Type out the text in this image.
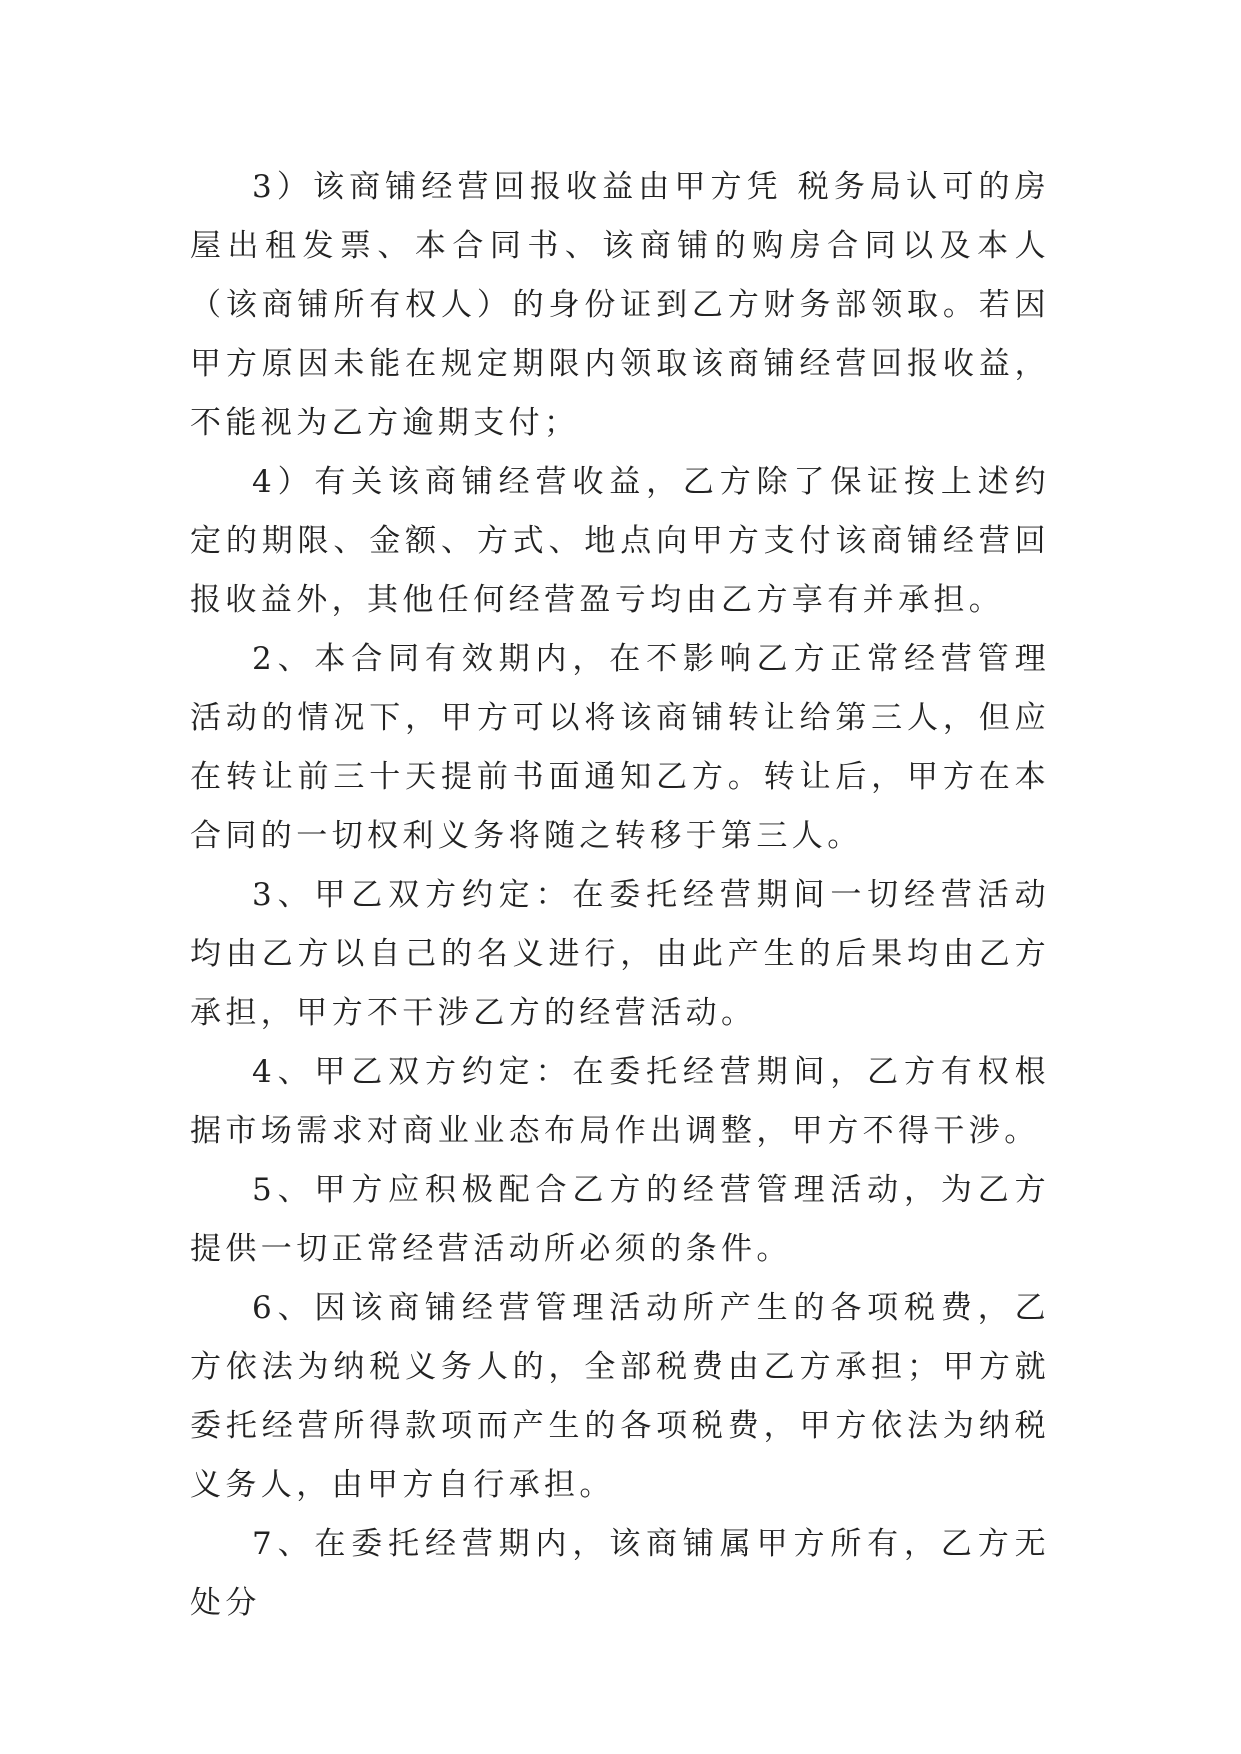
3）该商铺经营回报收益由甲方凭 税务局认可的房屋出租发票、本合同书、该商铺的购房合同以及本人（该商铺所有权人）的身份证到乙方财务部领取。若因甲方原因未能在规定期限内领取该商铺经营回报收益，不能视为乙方逾期支付；

4）有关该商铺经营收益，乙方除了保证按上述约定的期限、金额、方式、地点向甲方支付该商铺经营回报收益外，其他任何经营盈亏均由乙方享有并承担。

2、本合同有效期内，在不影响乙方正常经营管理活动的情况下，甲方可以将该商铺转让给第三人，但应在转让前三十天提前书面通知乙方。转让后，甲方在本合同的一切权利义务将随之转移于第三人。

3、甲乙双方约定：在委托经营期间一切经营活动均由乙方以自己的名义进行，由此产生的后果均由乙方承担，甲方不干涉乙方的经营活动。

4、甲乙双方约定：在委托经营期间，乙方有权根据市场需求对商业业态布局作出调整，甲方不得干涉。

5、甲方应积极配合乙方的经营管理活动，为乙方提供一切正常经营活动所必须的条件。

6、因该商铺经营管理活动所产生的各项税费，乙方依法为纳税义务人的，全部税费由乙方承担；甲方就委托经营所得款项而产生的各项税费，甲方依法为纳税义务人，由甲方自行承担。

7、在委托经营期内，该商铺属甲方所有，乙方无处分
